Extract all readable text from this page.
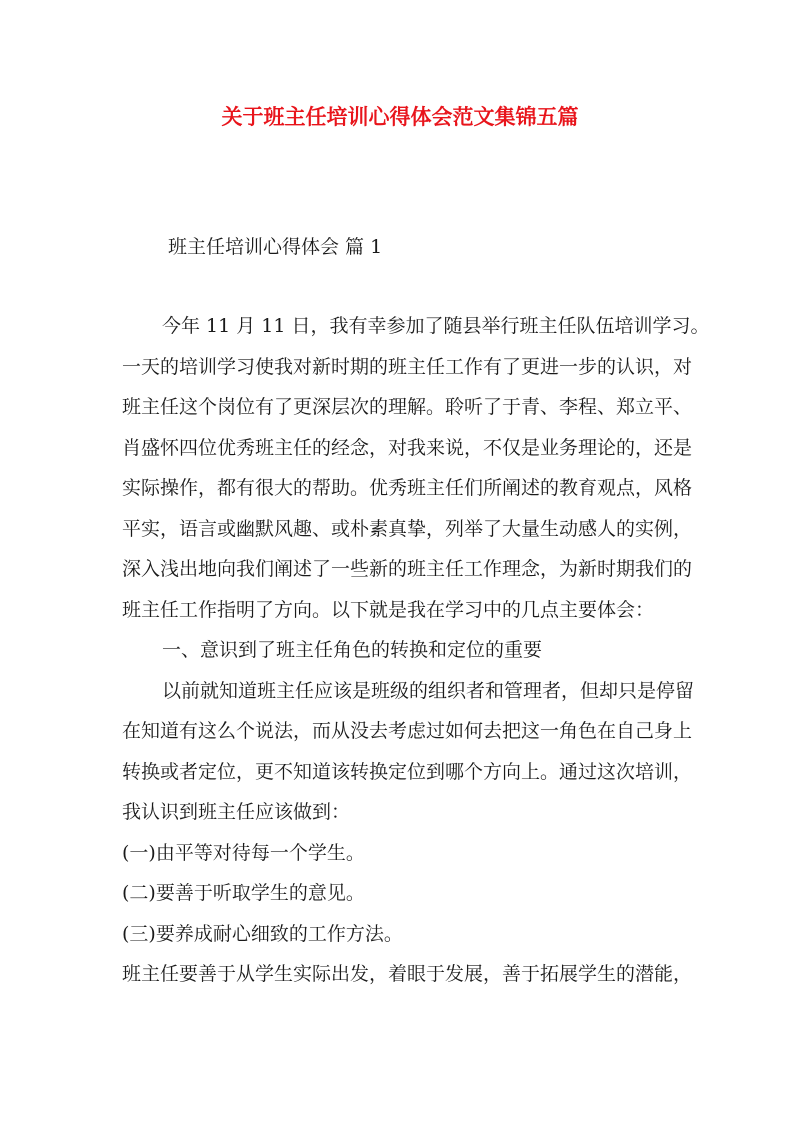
关于班主任培训心得体会范文集锦五篇

班主任培训心得体会 篇 1

今年 11 月 11 日，我有幸参加了随县举行班主任队伍培训学习。
一天的培训学习使我对新时期的班主任工作有了更进一步的认识，对
班主任这个岗位有了更深层次的理解。聆听了于青、李程、郑立平、
肖盛怀四位优秀班主任的经念，对我来说，不仅是业务理论的，还是
实际操作，都有很大的帮助。优秀班主任们所阐述的教育观点，风格
平实，语言或幽默风趣、或朴素真挚，列举了大量生动感人的实例，
深入浅出地向我们阐述了一些新的班主任工作理念，为新时期我们的
班主任工作指明了方向。以下就是我在学习中的几点主要体会：
一、意识到了班主任角色的转换和定位的重要
以前就知道班主任应该是班级的组织者和管理者，但却只是停留
在知道有这么个说法，而从没去考虑过如何去把这一角色在自己身上
转换或者定位，更不知道该转换定位到哪个方向上。通过这次培训，
我认识到班主任应该做到：
(一)由平等对待每一个学生。
(二)要善于听取学生的意见。
(三)要养成耐心细致的工作方法。
班主任要善于从学生实际出发，着眼于发展，善于拓展学生的潜能，
